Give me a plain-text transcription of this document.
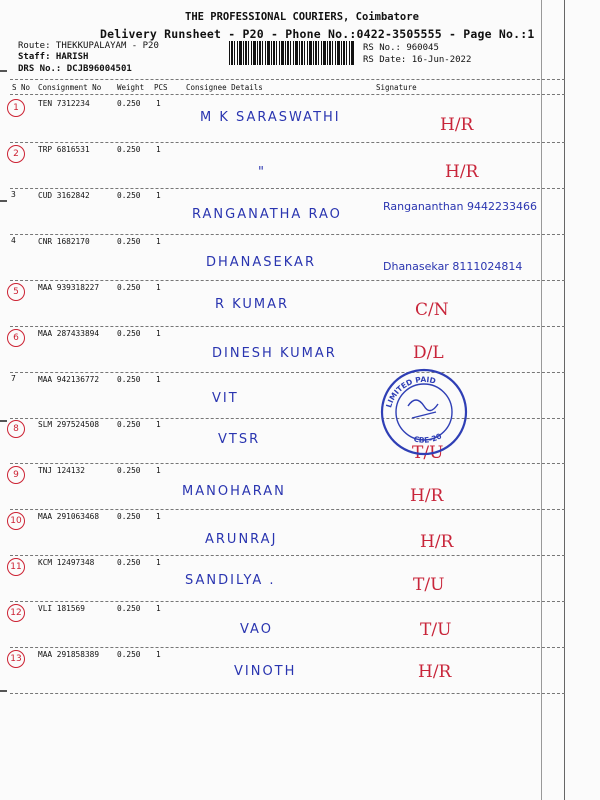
THE PROFESSIONAL COURIERS, Coimbatore
Delivery Runsheet - P20 - Phone No.:0422-3505555 - Page No.:1
Route: THEKKUPALAYAM - P20
Staff: HARISH
DRS No.: DCJB96004501
RS No.: 960045
RS Date: 16-Jun-2022
S No Consignment No Weight PCS Consignee Details	Signature
1	TEN 7312234	0.250 1
M K SARASWATHI	H/R
2	TRP 6816531	0.250 1
"	H/R
3	CUD 3162842	0.250 1
RANGANATHA RAO
Rangananthan 9442233466
4	CNR 1682170	0.250 1
DHANASEKAR	Dhanasekar 8111024814
5	MAA 939318227 0.250 1
R KUMAR	C/N
6	MAA 287433894 0.250 1
DINESH KUMAR	D/L
7	MAA 942136772 0.250 1
VIT
8	SLM 297524508 0.250 1
VTSR
T/U
9	TNJ 124132	0.250 1
MANOHARAN	H/R
10	MAA 291063468 0.250 1
ARUNRAJ	H/R
11	KCM 12497348	0.250 1
SANDILYA .	T/U
12	VLI 181569	0.250 1
VAO	T/U
13	MAA 291858389 0.250 1
VINOTH	H/R
LIMITED PAID
CBE-20
